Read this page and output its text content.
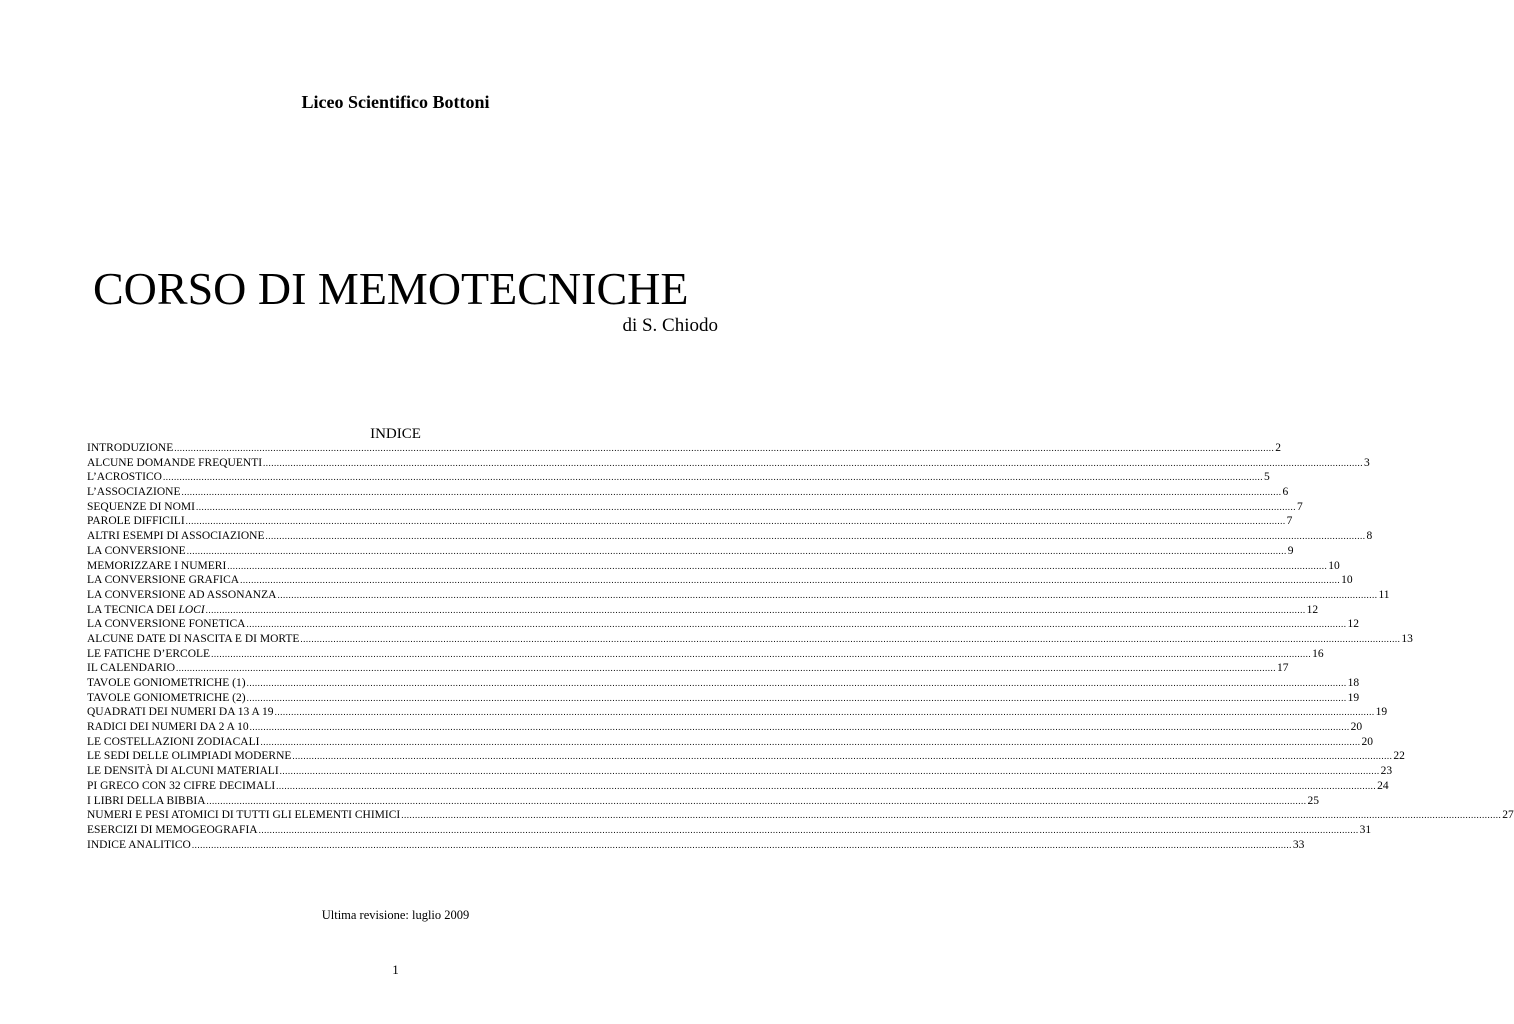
Liceo Scientifico Bottoni
CORSO DI MEMOTECNICHE
di S. Chiodo
INDICE
INTRODUZIONE ................................................................................................................................................................................................................................................................................................................................................................................................................ 2
ALCUNE DOMANDE FREQUENTI ................................................................................................................................................................................................................................................................................................................................................................................................................ 3
L’ACROSTICO ................................................................................................................................................................................................................................................................................................................................................................................................................ 5
L’ASSOCIAZIONE ................................................................................................................................................................................................................................................................................................................................................................................................................ 6
SEQUENZE DI NOMI ................................................................................................................................................................................................................................................................................................................................................................................................................ 7
PAROLE DIFFICILI ................................................................................................................................................................................................................................................................................................................................................................................................................ 7
ALTRI ESEMPI DI ASSOCIAZIONE ................................................................................................................................................................................................................................................................................................................................................................................................................ 8
LA CONVERSIONE ................................................................................................................................................................................................................................................................................................................................................................................................................ 9
MEMORIZZARE I NUMERI ................................................................................................................................................................................................................................................................................................................................................................................................................ 10
LA CONVERSIONE GRAFICA ................................................................................................................................................................................................................................................................................................................................................................................................................ 10
LA CONVERSIONE AD ASSONANZA ................................................................................................................................................................................................................................................................................................................................................................................................................ 11
LA TECNICA DEI LOCI ................................................................................................................................................................................................................................................................................................................................................................................................................ 12
LA CONVERSIONE FONETICA ................................................................................................................................................................................................................................................................................................................................................................................................................ 12
ALCUNE DATE DI NASCITA E DI MORTE ................................................................................................................................................................................................................................................................................................................................................................................................................ 13
LE FATICHE D’ERCOLE ................................................................................................................................................................................................................................................................................................................................................................................................................ 16
IL CALENDARIO ................................................................................................................................................................................................................................................................................................................................................................................................................ 17
TAVOLE GONIOMETRICHE (1) ................................................................................................................................................................................................................................................................................................................................................................................................................ 18
TAVOLE GONIOMETRICHE (2) ................................................................................................................................................................................................................................................................................................................................................................................................................ 19
QUADRATI DEI NUMERI DA 13 A 19 ................................................................................................................................................................................................................................................................................................................................................................................................................ 19
RADICI DEI NUMERI DA 2 A 10 ................................................................................................................................................................................................................................................................................................................................................................................................................ 20
LE COSTELLAZIONI ZODIACALI ................................................................................................................................................................................................................................................................................................................................................................................................................ 20
LE SEDI DELLE OLIMPIADI MODERNE ................................................................................................................................................................................................................................................................................................................................................................................................................ 22
LE DENSITÀ DI ALCUNI MATERIALI ................................................................................................................................................................................................................................................................................................................................................................................................................ 23
PI GRECO CON 32 CIFRE DECIMALI ................................................................................................................................................................................................................................................................................................................................................................................................................ 24
I LIBRI DELLA BIBBIA ................................................................................................................................................................................................................................................................................................................................................................................................................ 25
NUMERI E PESI ATOMICI DI TUTTI GLI ELEMENTI CHIMICI ................................................................................................................................................................................................................................................................................................................................................................................................................ 27
ESERCIZI DI MEMOGEOGRAFIA ................................................................................................................................................................................................................................................................................................................................................................................................................ 31
INDICE ANALITICO ................................................................................................................................................................................................................................................................................................................................................................................................................ 33
Ultima revisione: luglio 2009
1
